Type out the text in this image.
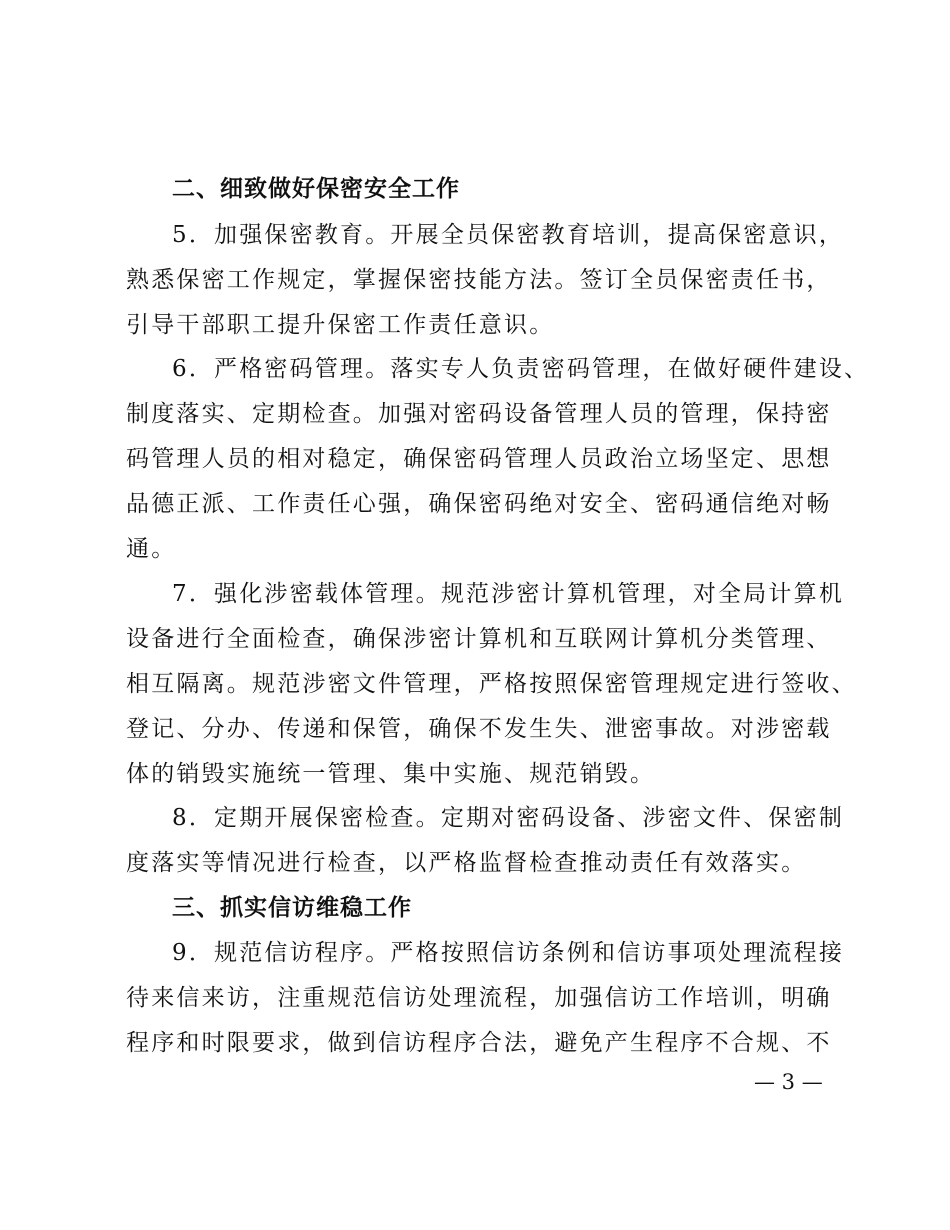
二、细致做好保密安全工作
5．加强保密教育。开展全员保密教育培训，提高保密意识，
熟悉保密工作规定，掌握保密技能方法。签订全员保密责任书，
引导干部职工提升保密工作责任意识。
6．严格密码管理。落实专人负责密码管理，在做好硬件建设、
制度落实、定期检查。加强对密码设备管理人员的管理，保持密
码管理人员的相对稳定，确保密码管理人员政治立场坚定、思想
品德正派、工作责任心强，确保密码绝对安全、密码通信绝对畅
通。
7．强化涉密载体管理。规范涉密计算机管理，对全局计算机
设备进行全面检查，确保涉密计算机和互联网计算机分类管理、
相互隔离。规范涉密文件管理，严格按照保密管理规定进行签收、
登记、分办、传递和保管，确保不发生失、泄密事故。对涉密载
体的销毁实施统一管理、集中实施、规范销毁。
8．定期开展保密检查。定期对密码设备、涉密文件、保密制
度落实等情况进行检查，以严格监督检查推动责任有效落实。
三、抓实信访维稳工作
9．规范信访程序。严格按照信访条例和信访事项处理流程接
待来信来访，注重规范信访处理流程，加强信访工作培训，明确
程序和时限要求，做到信访程序合法，避免产生程序不合规、不
— 3 —
